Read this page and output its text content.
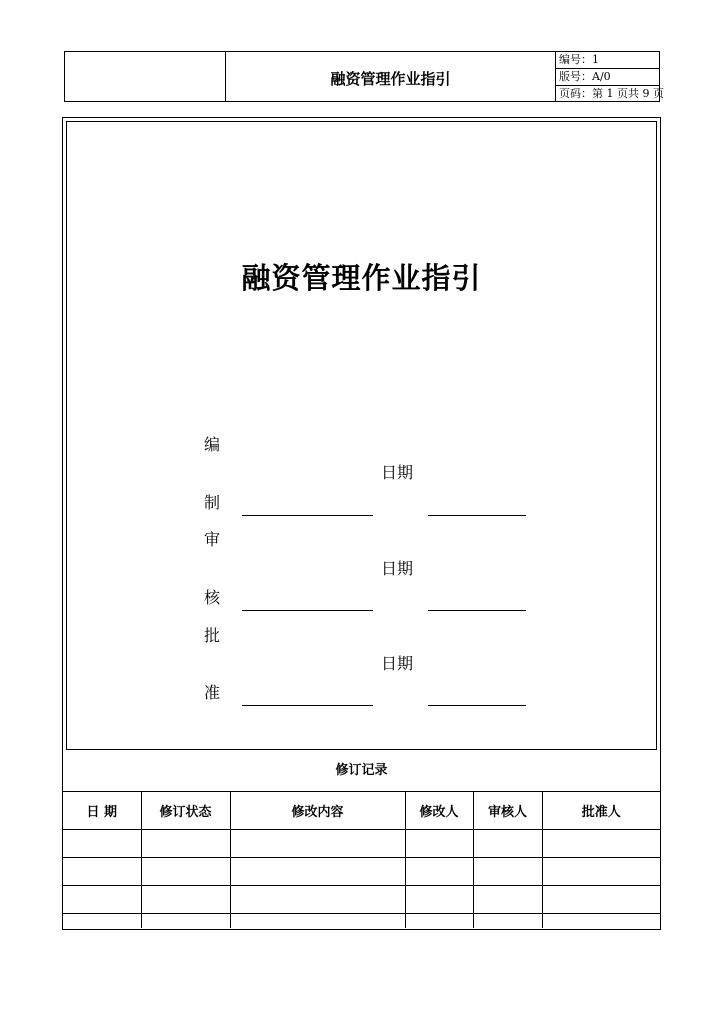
融资管理作业指引
编号：1
版号：A/0
页码：第 1 页共 9 页
融资管理作业指引
编
制
日期
审
核
日期
批
准
日期
修订记录
日 期	修订状态	修改内容	修改人	审核人	批准人
